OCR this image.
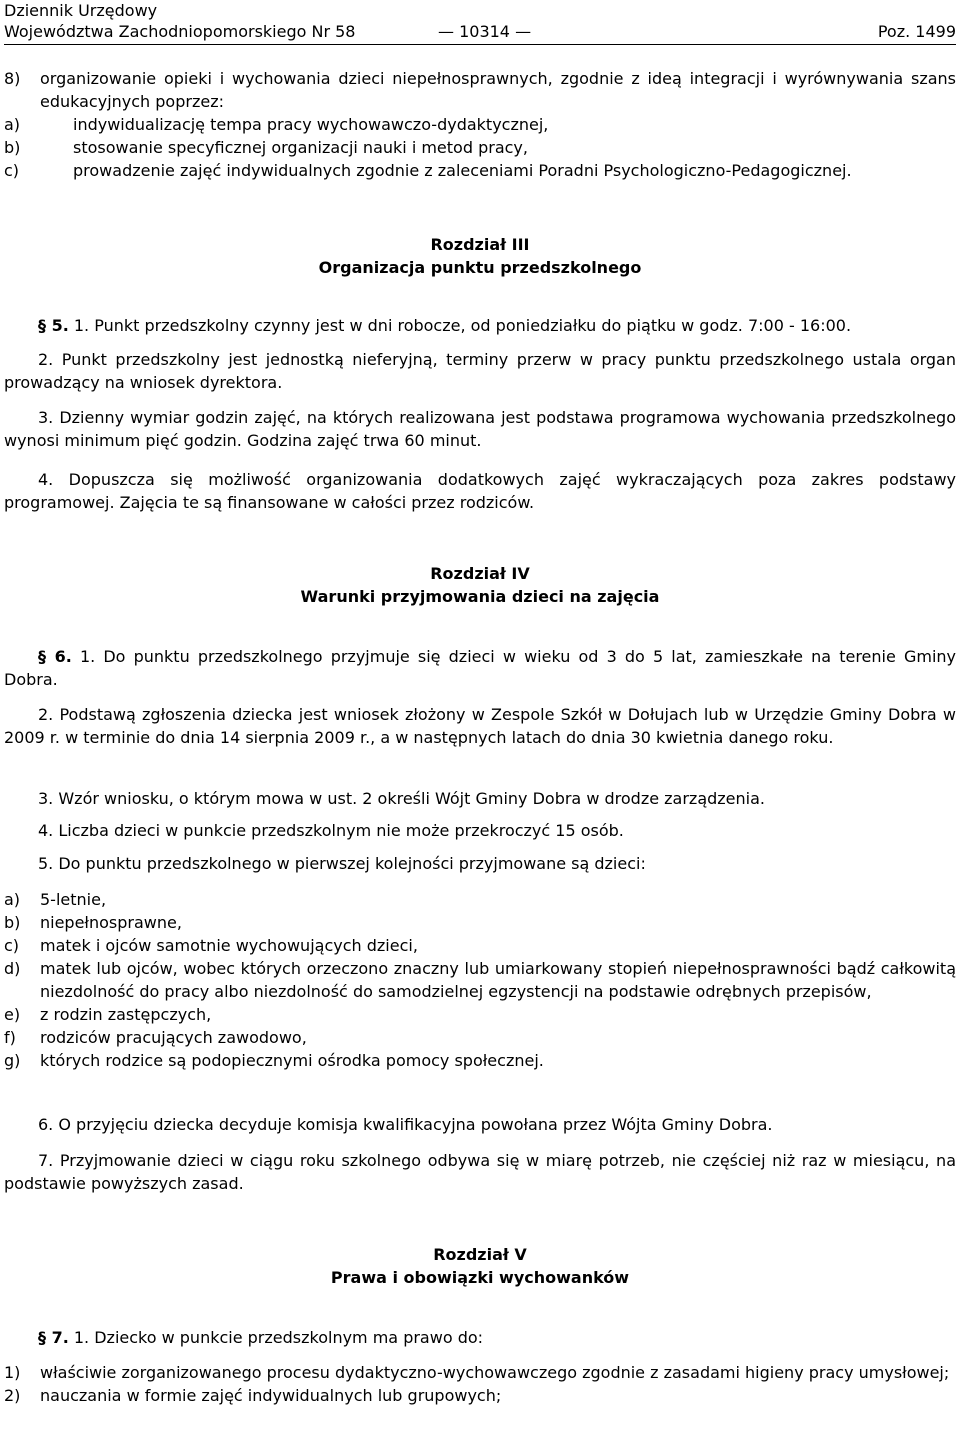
Dziennik Urzędowy
Województwa Zachodniopomorskiego Nr 58	— 10314 —	Poz. 1499
8)	organizowanie opieki i wychowania dzieci niepełnosprawnych, zgodnie z ideą integracji i wyrównywania szans edukacyjnych poprzez:
a)	indywidualizację tempa pracy wychowawczo-dydaktycznej,
b)	stosowanie specyficznej organizacji nauki i metod pracy,
c)	prowadzenie zajęć indywidualnych zgodnie z zaleceniami Poradni Psychologiczno-Pedagogicznej.
Rozdział III
Organizacja punktu przedszkolnego
§ 5. 1. Punkt przedszkolny czynny jest w dni robocze, od poniedziałku do piątku w godz. 7:00 - 16:00.
2. Punkt przedszkolny jest jednostką nieferyjną, terminy przerw w pracy punktu przedszkolnego ustala organ prowadzący na wniosek dyrektora.
3. Dzienny wymiar godzin zajęć, na których realizowana jest podstawa programowa wychowania przedszkolnego wynosi minimum pięć godzin. Godzina zajęć trwa 60 minut.
4. Dopuszcza się możliwość organizowania dodatkowych zajęć wykraczających poza zakres podstawy programowej. Zajęcia te są finansowane w całości przez rodziców.
Rozdział IV
Warunki przyjmowania dzieci na zajęcia
§ 6. 1. Do punktu przedszkolnego przyjmuje się dzieci w wieku od 3 do 5 lat, zamieszkałe na terenie Gminy Dobra.
2. Podstawą zgłoszenia dziecka jest wniosek złożony w Zespole Szkół w Dołujach lub w Urzędzie Gminy Dobra w 2009 r. w terminie do dnia 14 sierpnia 2009 r., a w następnych latach do dnia 30 kwietnia danego roku.
3. Wzór wniosku, o którym mowa w ust. 2 określi Wójt Gminy Dobra w drodze zarządzenia.
4. Liczba dzieci w punkcie przedszkolnym nie może przekroczyć 15 osób.
5. Do punktu przedszkolnego w pierwszej kolejności przyjmowane są dzieci:
a)	5-letnie,
b)	niepełnosprawne,
c)	matek i ojców samotnie wychowujących dzieci,
d)	matek lub ojców, wobec których orzeczono znaczny lub umiarkowany stopień niepełnosprawności bądź całkowitą niezdolność do pracy albo niezdolność do samodzielnej egzystencji na podstawie odrębnych przepisów,
e)	z rodzin zastępczych,
f)	rodziców pracujących zawodowo,
g)	których rodzice są podopiecznymi ośrodka pomocy społecznej.
6. O przyjęciu dziecka decyduje komisja kwalifikacyjna powołana przez Wójta Gminy Dobra.
7. Przyjmowanie dzieci w ciągu roku szkolnego odbywa się w miarę potrzeb, nie częściej niż raz w miesiącu, na podstawie powyższych zasad.
Rozdział V
Prawa i obowiązki wychowanków
§ 7. 1. Dziecko w punkcie przedszkolnym ma prawo do:
1)	właściwie zorganizowanego procesu dydaktyczno-wychowawczego zgodnie z zasadami higieny pracy umysłowej;
2)	nauczania w formie zajęć indywidualnych lub grupowych;
